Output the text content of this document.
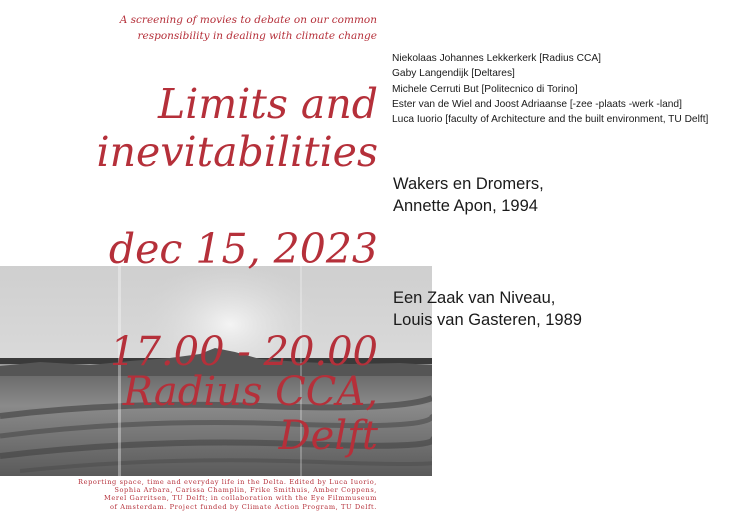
A screening of movies to debate on our common
responsibility in dealing with climate change
Limits and
inevitabilities
dec 15, 2023
17.00 - 20.00
Radius CCA,
Delft
Reporting space, time and everyday life in the Delta. Edited by Luca Iuorio,
Sophia Arbara, Carissa Champlin, Frike Smithuis, Amber Coppens,
Merel Garritsen, TU Delft; in collaboration with the Eye Filmmuseum
of Amsterdam. Project funded by Climate Action Program, TU Delft.
Niekolaas Johannes Lekkerkerk [Radius CCA]
Gaby Langendijk [Deltares]
Michele Cerruti But [Politecnico di Torino]
Ester van de Wiel and Joost Adriaanse [-zee -plaats -werk -land]
Luca Iuorio [faculty of Architecture and the built environment, TU Delft]
Wakers en Dromers,
Annette Apon, 1994
Een Zaak van Niveau,
Louis van Gasteren, 1989
